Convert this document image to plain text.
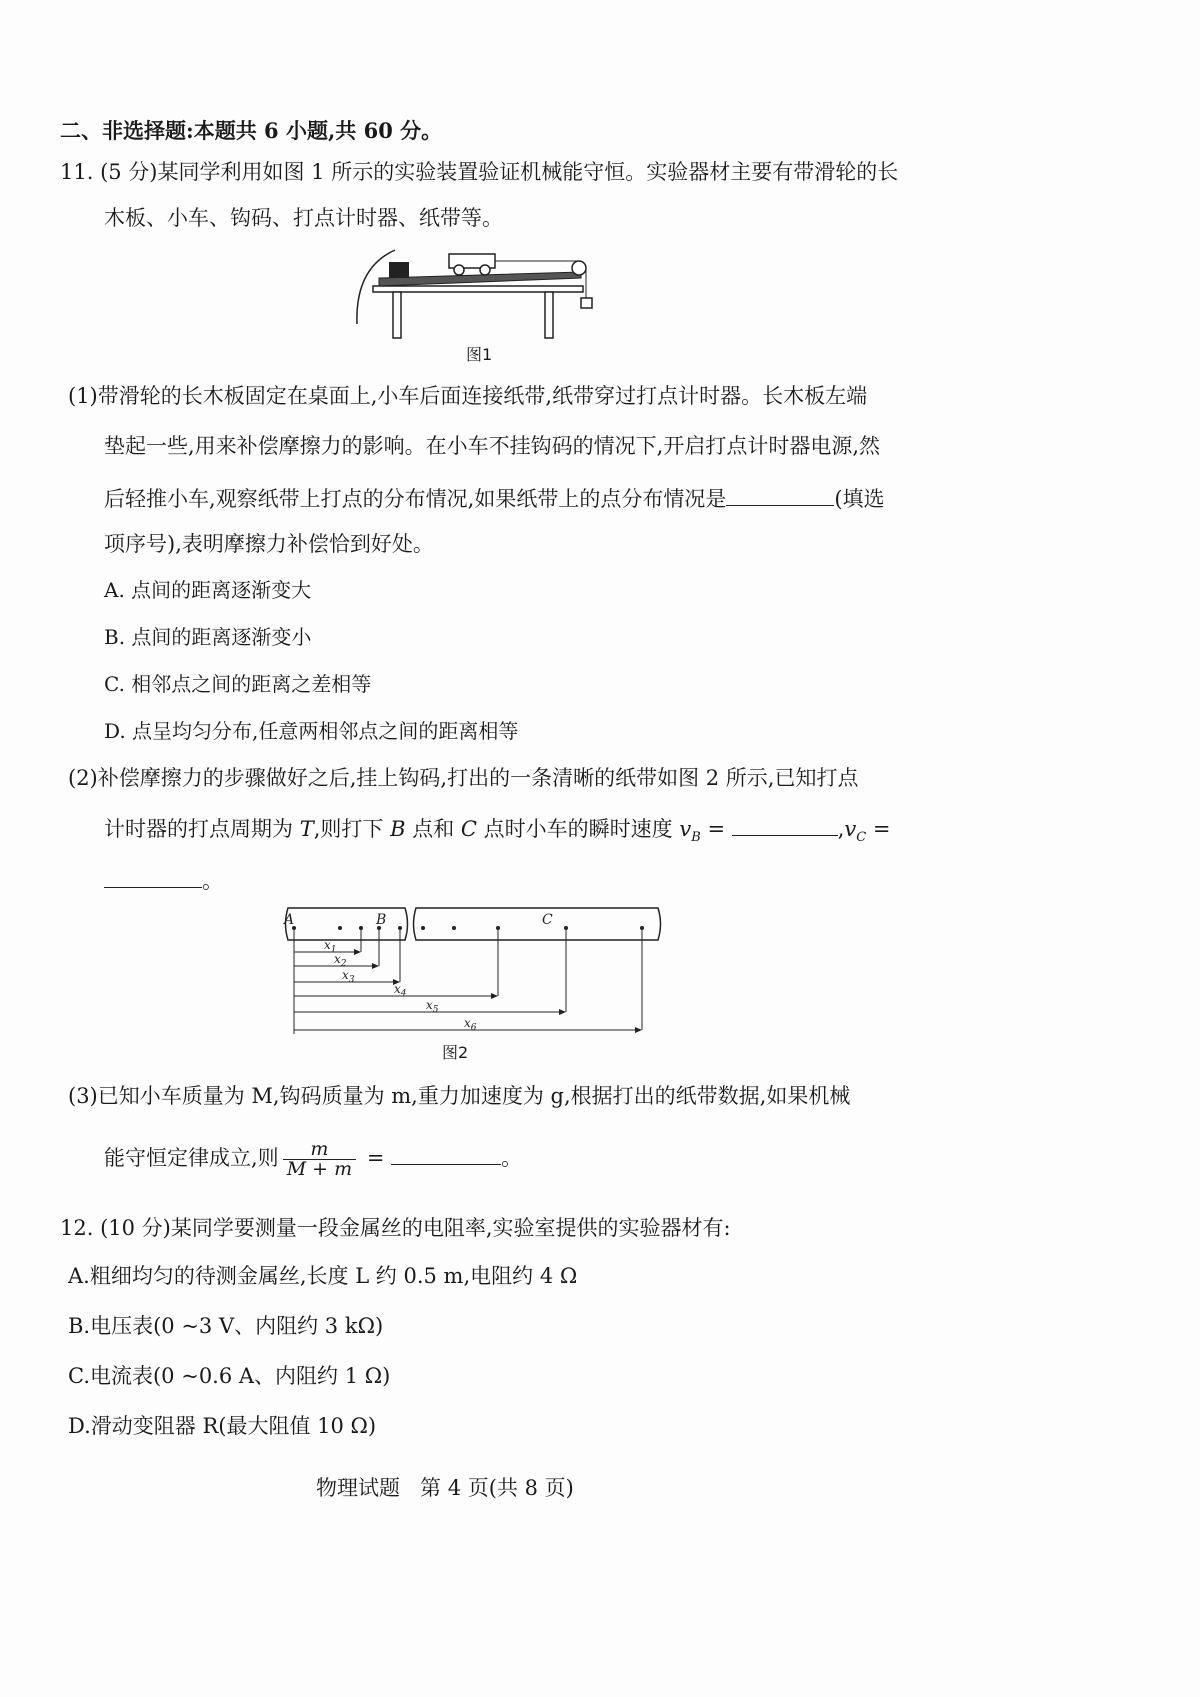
二、非选择题:本题共 6 小题,共 60 分。
11. (5 分)某同学利用如图 1 所示的实验装置验证机械能守恒。实验器材主要有带滑轮的长
木板、小车、钩码、打点计时器、纸带等。
图1
(1)带滑轮的长木板固定在桌面上,小车后面连接纸带,纸带穿过打点计时器。长木板左端
垫起一些,用来补偿摩擦力的影响。在小车不挂钩码的情况下,开启打点计时器电源,然
后轻推小车,观察纸带上打点的分布情况,如果纸带上的点分布情况是	(填选
项序号),表明摩擦力补偿恰到好处。
A. 点间的距离逐渐变大
B. 点间的距离逐渐变小
C. 相邻点之间的距离之差相等
D. 点呈均匀分布,任意两相邻点之间的距离相等
(2)补偿摩擦力的步骤做好之后,挂上钩码,打出的一条清晰的纸带如图 2 所示,已知打点
计时器的打点周期为 T,则打下 B 点和 C 点时小车的瞬时速度 $v_B$ =	$,v_C$ =
。
A	B	C
$x_1$
$x_2$
$x_3$
$x_4$
$x_5$
$x_6$
图2
(3)已知小车质量为 M,钩码质量为 m,重力加速度为 g,根据打出的纸带数据,如果机械
能守恒定律成立,则 $\frac{m}{M + m}$ =	。
12. (10 分)某同学要测量一段金属丝的电阻率,实验室提供的实验器材有:
A.粗细均匀的待测金属丝,长度 L 约 0.5 m,电阻约 4 Ω
B.电压表(0 ~3 V、内阻约 3 kΩ)
C.电流表(0 ~0.6 A、内阻约 1 Ω)
D.滑动变阻器 R(最大阻值 10 Ω)
物理试题   第 4 页(共 8 页)
